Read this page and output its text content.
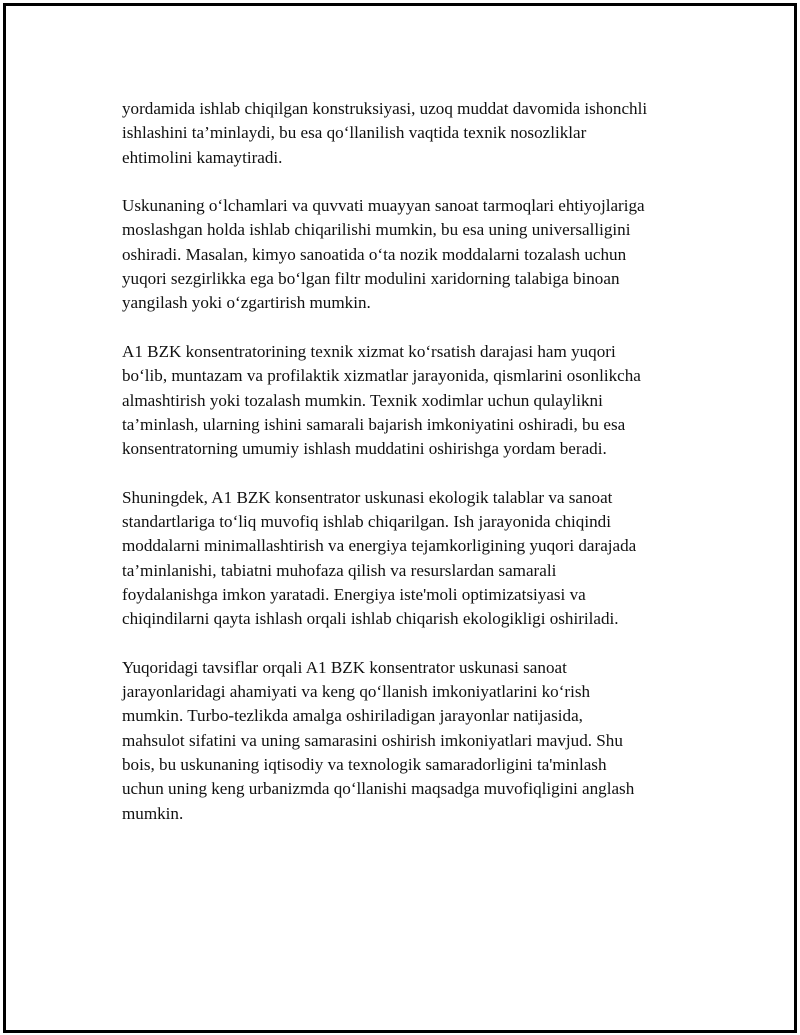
yordamida ishlab chiqilgan konstruksiyasi, uzoq muddat davomida ishonchli
ishlashini ta’minlaydi, bu esa qo‘llanilish vaqtida texnik nosozliklar
ehtimolini kamaytiradi.

Uskunaning o‘lchamlari va quvvati muayyan sanoat tarmoqlari ehtiyojlariga
moslashgan holda ishlab chiqarilishi mumkin, bu esa uning universalligini
oshiradi. Masalan, kimyo sanoatida o‘ta nozik moddalarni tozalash uchun
yuqori sezgirlikka ega bo‘lgan filtr modulini xaridorning talabiga binoan
yangilash yoki o‘zgartirish mumkin.

A1 BZK konsentratorining texnik xizmat ko‘rsatish darajasi ham yuqori
bo‘lib, muntazam va profilaktik xizmatlar jarayonida, qismlarini osonlikcha
almashtirish yoki tozalash mumkin. Texnik xodimlar uchun qulaylikni
ta’minlash, ularning ishini samarali bajarish imkoniyatini oshiradi, bu esa
konsentratorning umumiy ishlash muddatini oshirishga yordam beradi.

Shuningdek, A1 BZK konsentrator uskunasi ekologik talablar va sanoat
standartlariga to‘liq muvofiq ishlab chiqarilgan. Ish jarayonida chiqindi
moddalarni minimallashtirish va energiya tejamkorligining yuqori darajada
ta’minlanishi, tabiatni muhofaza qilish va resurslardan samarali
foydalanishga imkon yaratadi. Energiya iste'moli optimizatsiyasi va
chiqindilarni qayta ishlash orqali ishlab chiqarish ekologikligi oshiriladi.

Yuqoridagi tavsiflar orqali A1 BZK konsentrator uskunasi sanoat
jarayonlaridagi ahamiyati va keng qo‘llanish imkoniyatlarini ko‘rish
mumkin. Turbo-tezlikda amalga oshiriladigan jarayonlar natijasida,
mahsulot sifatini va uning samarasini oshirish imkoniyatlari mavjud. Shu
bois, bu uskunaning iqtisodiy va texnologik samaradorligini ta'minlash
uchun uning keng urbanizmda qo‘llanishi maqsadga muvofiqligini anglash
mumkin.
